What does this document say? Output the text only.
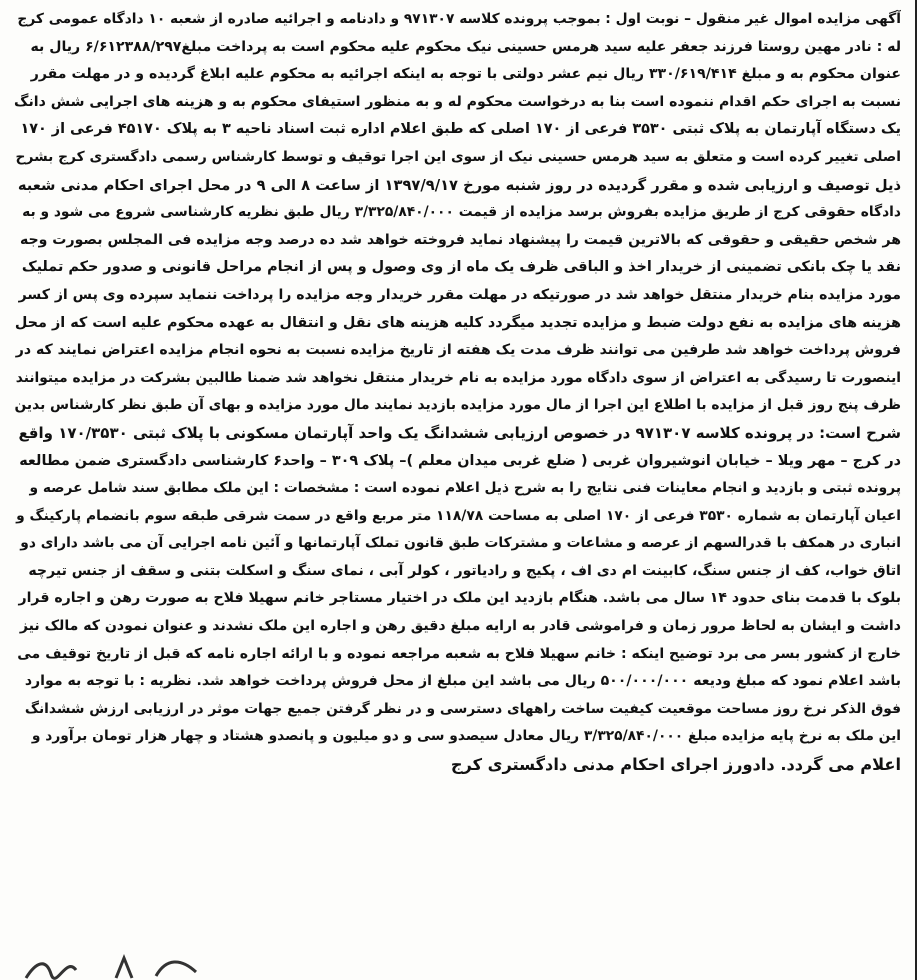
آگهی مزایده اموال غیر منقول – نوبت اول : بموجب پرونده کلاسه ۹۷۱۳۰۷ و دادنامه و اجرائیه صادره از شعبه ۱۰ دادگاه عمومی کرج
له : نادر مهین روستا فرزند جعفر علیه سید هرمس حسینی نیک محکوم علیه محکوم است به پرداخت مبلغ۶/۶۱۲۳۸۸/۲۹۷ ریال به
عنوان محکوم به و مبلغ ۳۳۰/۶۱۹/۴۱۴ ریال نیم عشر دولتی با توجه به اینکه اجرائیه به محکوم علیه ابلاغ گردیده و در مهلت مقرر
نسبت به اجرای حکم اقدام ننموده است بنا به درخواست محکوم له و به منظور استیفای محکوم به و هزینه های اجرایی شش دانگ
یک دستگاه آپارتمان به پلاک ثبتی ۳۵۳۰ فرعی از ۱۷۰ اصلی که طبق اعلام اداره ثبت اسناد ناحیه ۳ به پلاک ۴۵۱۷۰ فرعی از ۱۷۰
اصلی تغییر کرده است و متعلق به سید هرمس حسینی نیک از سوی این اجرا توقیف و توسط کارشناس رسمی دادگستری کرج بشرح
ذیل توصیف و ارزیابی شده و مقرر گردیده در روز شنبه مورخ ۱۳۹۷/۹/۱۷ از ساعت ۸ الی ۹ در محل اجرای احکام مدنی شعبه
دادگاه حقوقی کرج از طریق مزایده بفروش برسد مزایده از قیمت ۳/۳۲۵/۸۴۰/۰۰۰ ریال طبق نظریه کارشناسی شروع می شود و به
هر شخص حقیقی و حقوقی که بالاترین قیمت را پیشنهاد نماید فروخته خواهد شد ده درصد وجه مزایده فی المجلس بصورت وجه
نقد یا چک بانکی تضمینی از خریدار اخذ و الباقی ظرف یک ماه از وی وصول و پس از انجام مراحل قانونی و صدور حکم تملیک
مورد مزایده بنام خریدار منتقل خواهد شد در صورتیکه در مهلت مقرر خریدار وجه مزایده را پرداخت ننماید سپرده وی پس از کسر
هزینه های مزایده به نفع دولت ضبط و مزایده تجدید میگردد کلیه هزینه های نقل و انتقال به عهده محکوم علیه است که از محل
فروش پرداخت خواهد شد طرفین می توانند ظرف مدت یک هفته از تاریخ مزایده نسبت به نحوه انجام مزایده اعتراض نمایند که در
اینصورت تا رسیدگی به اعتراض از سوی دادگاه مورد مزایده به نام خریدار منتقل نخواهد شد ضمنا طالبین بشرکت در مزایده میتوانند
ظرف پنج روز قبل از مزایده با اطلاع این اجرا از مال مورد مزایده بازدید نمایند مال مورد مزایده و بهای آن طبق نظر کارشناس بدین
شرح است: در پرونده کلاسه ۹۷۱۳۰۷ در خصوص ارزیابی ششدانگ یک واحد آپارتمان مسکونی با پلاک ثبتی ۱۷۰/۳۵۳۰ واقع
در کرج – مهر ویلا – خیابان انوشیروان غربی ( ضلع غربی میدان معلم )– پلاک ۳۰۹ – واحد۶ کارشناسی دادگستری ضمن مطالعه
پرونده ثبتی و بازدید و انجام معاینات فنی نتایج را به شرح ذیل اعلام نموده است : مشخصات : این ملک مطابق سند شامل عرصه و
اعیان آپارتمان به شماره ۳۵۳۰ فرعی از ۱۷۰ اصلی به مساحت ۱۱۸/۷۸ متر مربع واقع در سمت شرقی طبقه سوم بانضمام پارکینگ و
انباری در همکف با قدرالسهم از عرصه و مشاعات و مشترکات طبق قانون تملک آپارتمانها و آئین نامه اجرایی آن می باشد دارای دو
اتاق خواب، کف از جنس سنگ، کابینت ام دی اف ، پکیج و رادیاتور ، کولر آبی ، نمای سنگ و اسکلت بتنی و سقف از جنس تیرچه
بلوک با قدمت بنای حدود ۱۴ سال می باشد. هنگام بازدید این ملک در اختیار مستاجر خانم سهیلا فلاح به صورت رهن و اجاره قرار
داشت و ایشان به لحاظ مرور زمان و فراموشی قادر به ارایه مبلغ دقیق رهن و اجاره این ملک نشدند و عنوان نمودن که مالک نیز
خارج از کشور بسر می برد توضیح اینکه : خانم سهیلا فلاح به شعبه مراجعه نموده و با ارائه اجاره نامه که قبل از تاریخ توقیف می
باشد اعلام نمود که مبلغ ودیعه ۵۰۰/۰۰۰/۰۰۰ ریال می باشد این مبلغ از محل فروش پرداخت خواهد شد. نظریه : با توجه به موارد
فوق الذکر نرخ روز مساحت موقعیت کیفیت ساخت راههای دسترسی و در نظر گرفتن جمیع جهات موثر در ارزیابی ارزش ششدانگ
این ملک به نرخ پایه مزایده مبلغ ۳/۳۲۵/۸۴۰/۰۰۰ ریال معادل سیصدو سی و دو میلیون و پانصدو هشتاد و چهار هزار تومان برآورد و
اعلام می گردد. دادورز اجرای احکام مدنی دادگستری کرج
